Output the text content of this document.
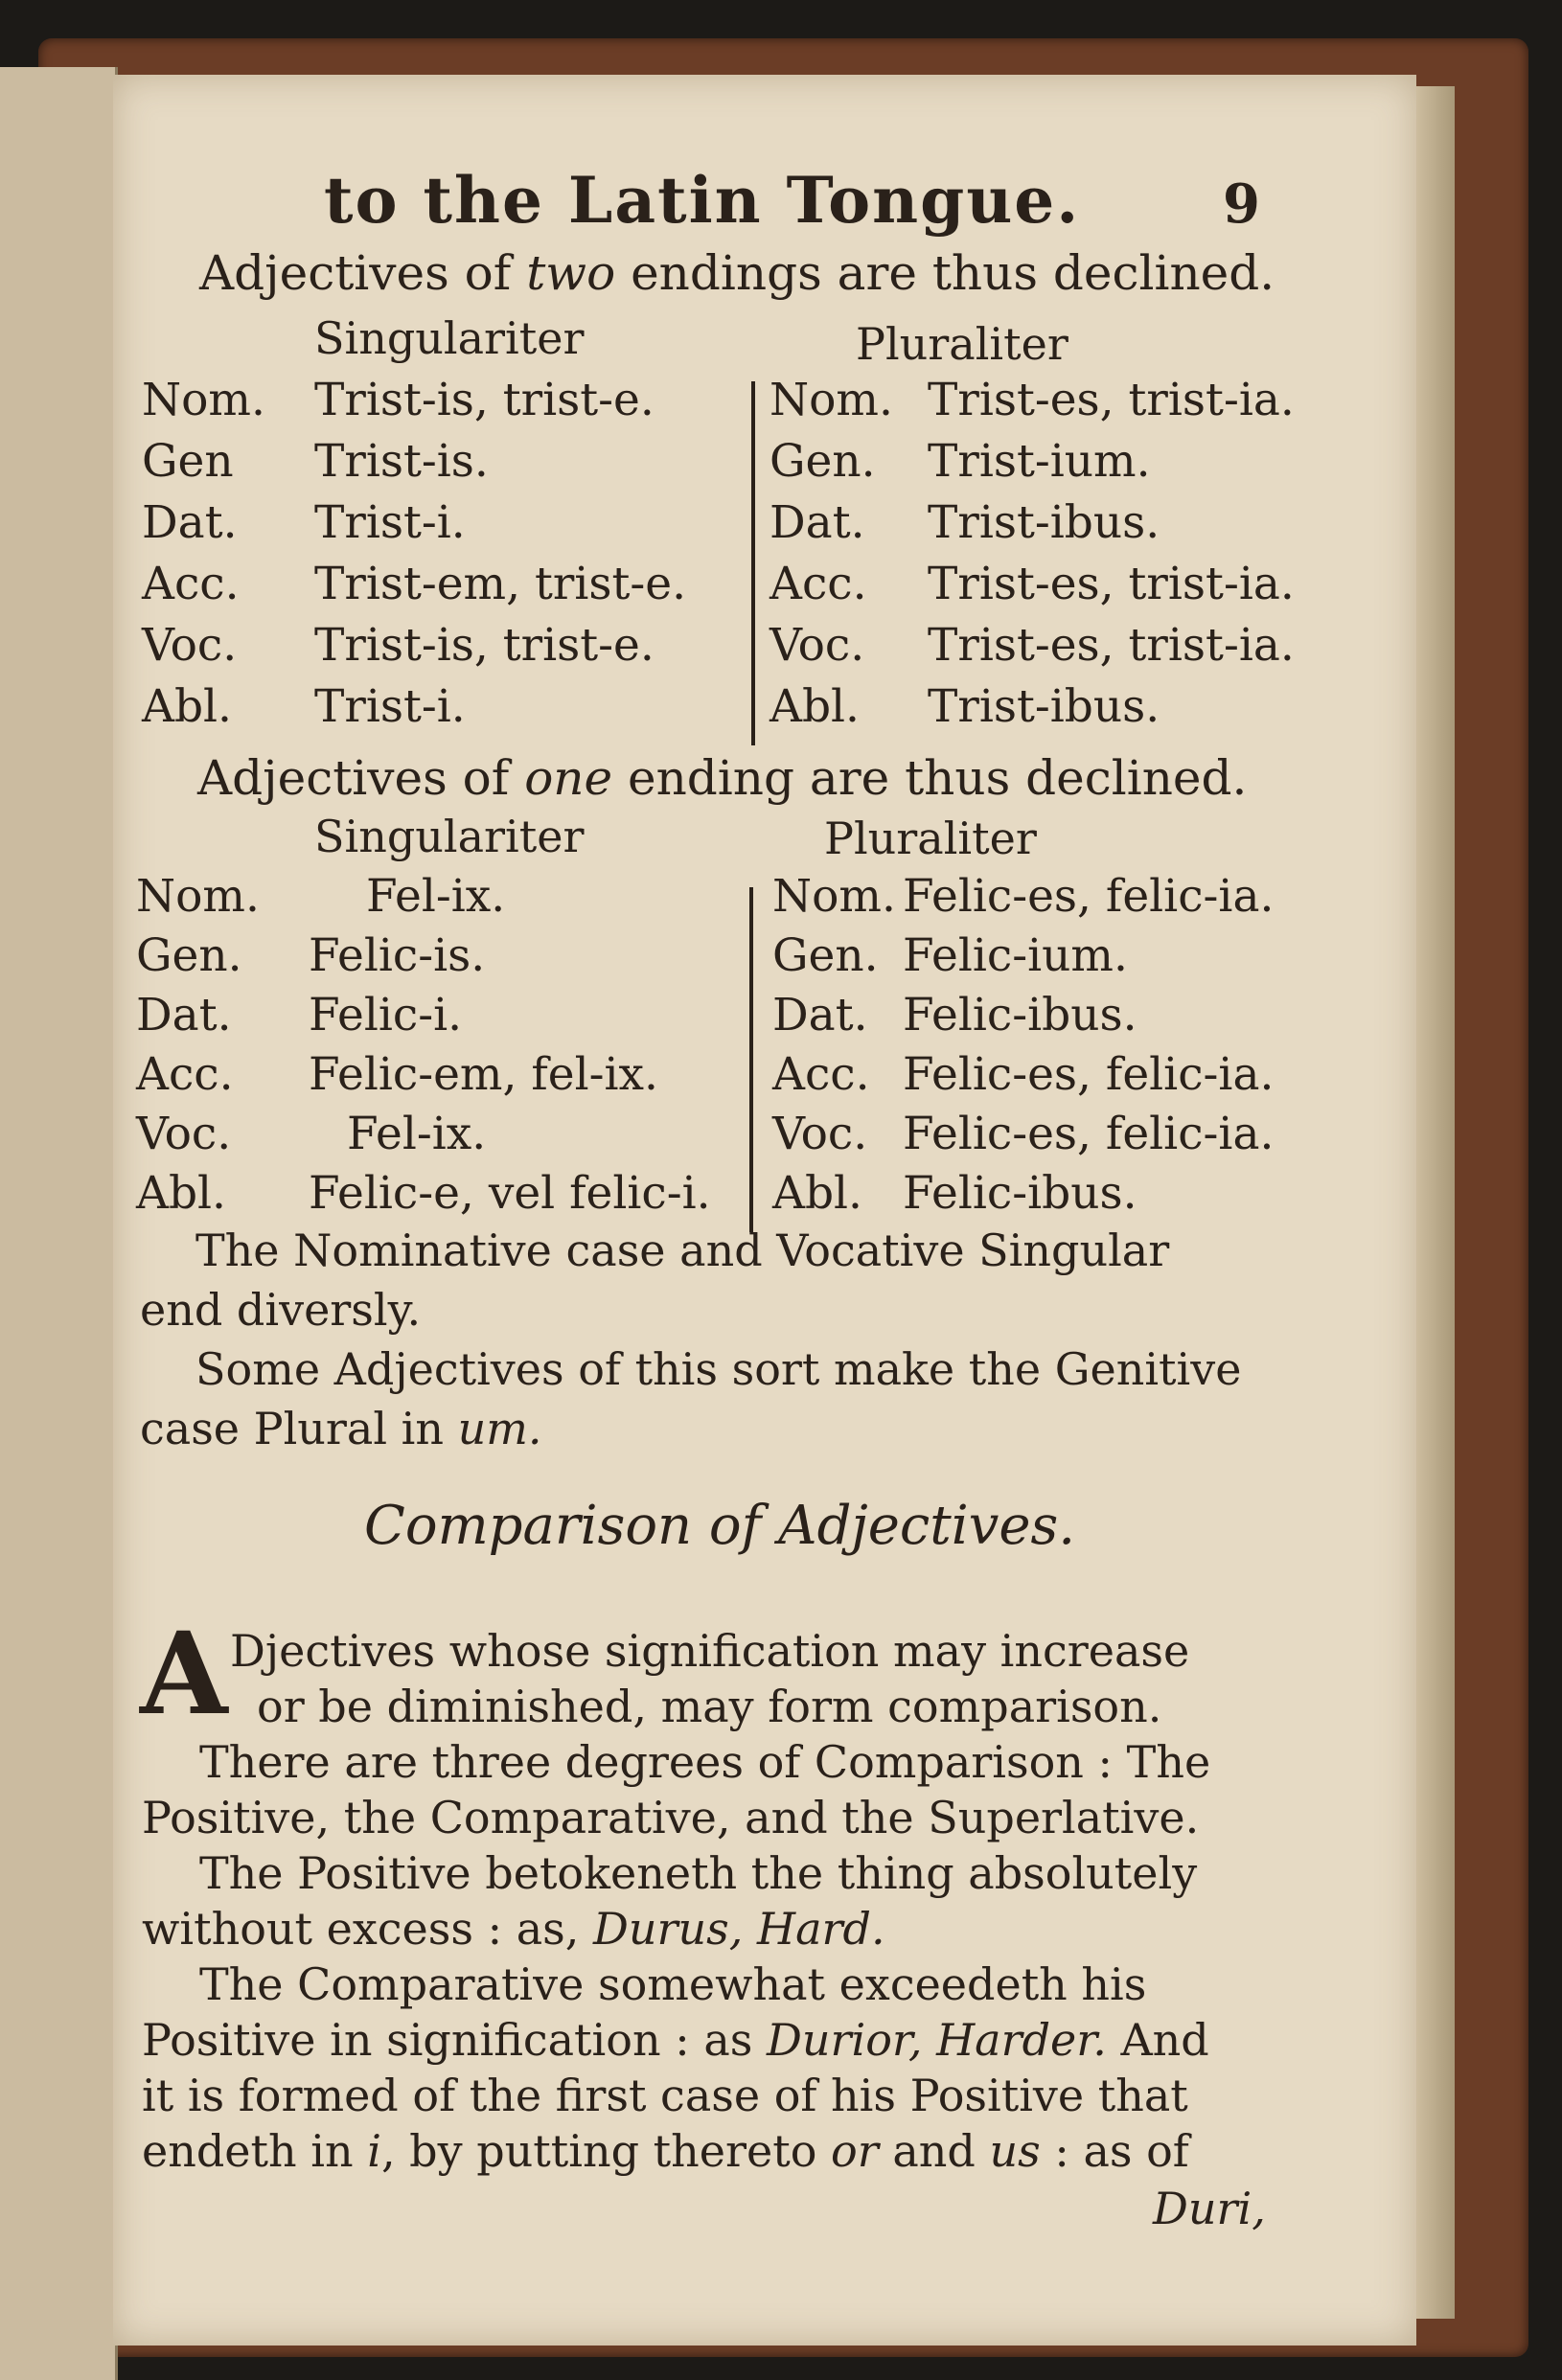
to the Latin Tongue.	9
Adjectives of two endings are thus declined.
Singulariter	Pluraliter
Nom. Trist-is, trist-e.	Nom. Trist-es, trist-ia.
Gen Trist-is.	Gen. Trist-ium.
Dat. Trist-i.	Dat. Trist-ibus.
Acc. Trist-em, trist-e. Acc. Trist-es, trist-ia.
Voc. Trist-is, trist-e.	Voc. Trist-es, trist-ia.
Abl. Trist-i.	Abl. Trist-ibus.
Adjectives of one ending are thus declined.
Singulariter	Pluraliter
Nom. Fel-ix.	Nom. Felic-es, felic-ia.
Gen. Felic-is.	Gen. Felic-ium.
Dat. Felic-i.	Dat. Felic-ibus.
Acc. Felic-em, fel-ix.	Acc. Felic-es, felic-ia.
Voc.	Fel-ix.	Voc. Felic-es, felic-ia.
Abl. Felic-e, vel felic-i. Abl. Felic-ibus.
The Nominative case and Vocative Singular
end diversly.
Some Adjectives of this sort make the Genitive
case Plural in um.
Comparison of Adjectives.
A Djectives whose signification may increase
or be diminished, may form comparison.
There are three degrees of Comparison : The
Positive, the Comparative, and the Superlative.
The Positive betokeneth the thing absolutely
without excess : as, Durus, Hard.
The Comparative somewhat exceedeth his
Positive in signification : as Durior, Harder. And
it is formed of the first case of his Positive that
endeth in i, by putting thereto or and us : as of
Duri,
